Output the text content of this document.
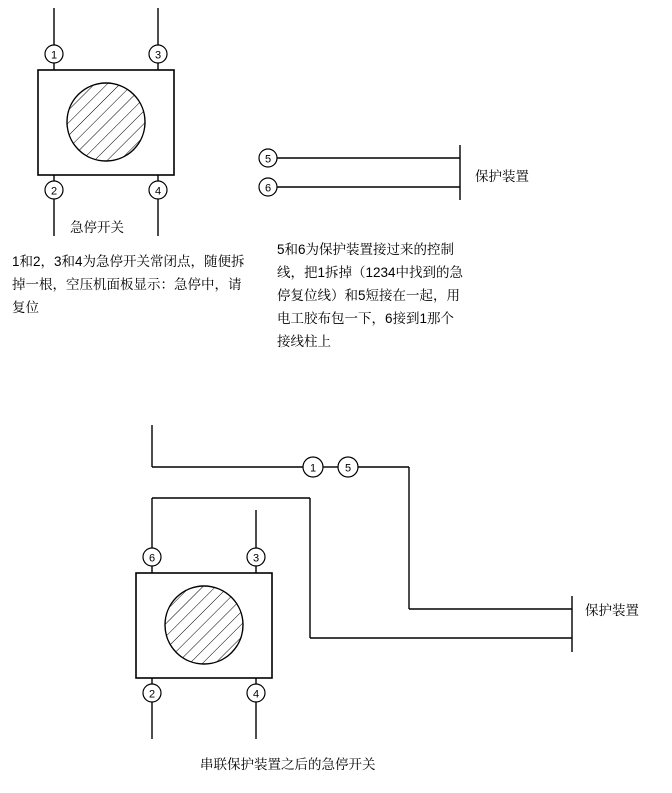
1	3
2	4
5
6
1	5
6	3
2	4
急停开关
1和2，3和4为急停开关常闭点，随便拆掉一根，空压机面板显示：急停中，请复位
保护装置
5和6为保护装置接过来的控制线，把1拆掉（1234中找到的急停复位线）和5短接在一起，用电工胶布包一下，6接到1那个接线柱上
保护装置
串联保护装置之后的急停开关
